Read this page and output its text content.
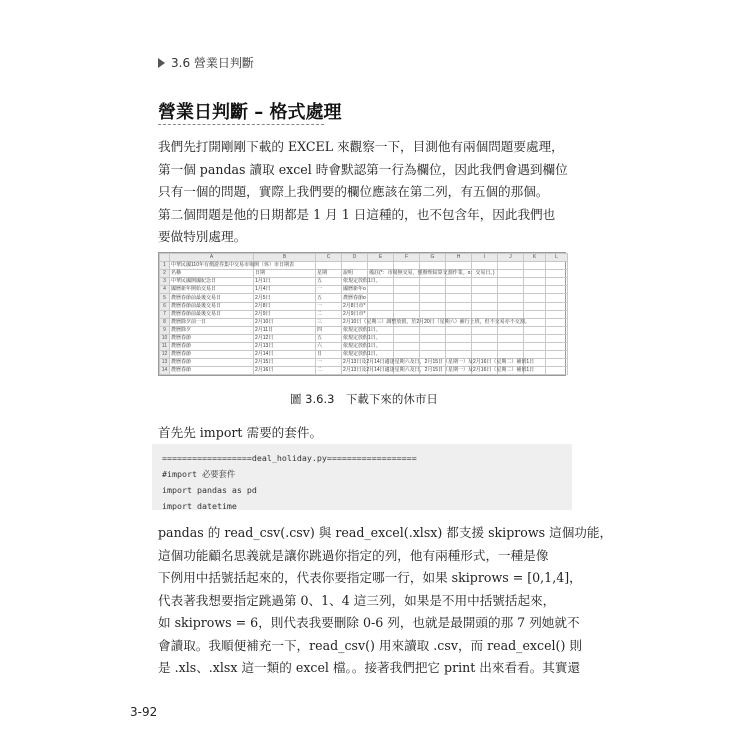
3.6 營業日判斷
營業日判斷 – 格式處理

我們先打開剛剛下載的 EXCEL 來觀察一下，目測他有兩個問題要處理，

第一個 pandas 讀取 excel 時會默認第一行為欄位，因此我們會遇到欄位

只有一個的問題，實際上我們要的欄位應該在第二列，有五個的那個。

第二個問題是他的日期都是 1 月 1 日這種的，也不包含年，因此我們也

要做特別處理。

	A	B	C	D	E	F	G	H	I	J	K	L
1	中華民國110年有價證券集中交易市場開（休）市日期表											
2	名稱	日期	星期	說明	備註(*：市場無交易，僅辦理結算交割作業。o：交易日。)							
3	中華民國開國紀念日	1月1日	五	依規定放假1日。								
4	國曆新年開始交易日	1月4日	一	國曆新年o								
5	農曆春節前最後交易日	2月5日	五	農曆春節o								
6	農曆春節前最後交易日	2月8日	一	2月8日市*								
7	農曆春節前最後交易日	2月9日	二	2月9日市*								
8	農曆除夕前一日	2月10日	三	2月10日（星期三）調整放假，於2月20日（星期六）補行上班，但不交易亦不交割。								
9	農曆除夕	2月11日	四	依規定放假1日。								
10	農曆春節	2月12日	五	依規定放假1日。								
11	農曆春節	2月13日	六	依規定放假1日。								
12	農曆春節	2月14日	日	依規定放假1日。								
13	農曆春節	2月15日	一	2月13日及2月14日適逢星期六及日，2月15日（星期一）及2月16日（星期二）補假1日								
14	農曆春節	2月16日	二	2月13日及2月14日適逢星期六及日，2月15日（星期一）及2月16日（星期二）補假1日								
圖 3.6.3　下載下來的休市日
首先先 import 需要的套件。
==================deal_holiday.py==================
#import 必要套件
import pandas as pd
import datetime

pandas 的 read_csv(.csv) 與 read_excel(.xlsx) 都支援 skiprows 這個功能，

這個功能顧名思義就是讓你跳過你指定的列，他有兩種形式，一種是像

下例用中括號括起來的，代表你要指定哪一行，如果 skiprows = [0,1,4]，

代表著我想要指定跳過第 0、1、4 這三列，如果是不用中括號括起來，

如 skiprows = 6，則代表我要刪除 0-6 列，也就是最開頭的那 7 列她就不

會讀取。我順便補充一下，read_csv() 用來讀取 .csv，而 read_excel() 則

是 .xls、.xlsx 這一類的 excel 檔。。接著我們把它 print 出來看看。其實還

3-92
